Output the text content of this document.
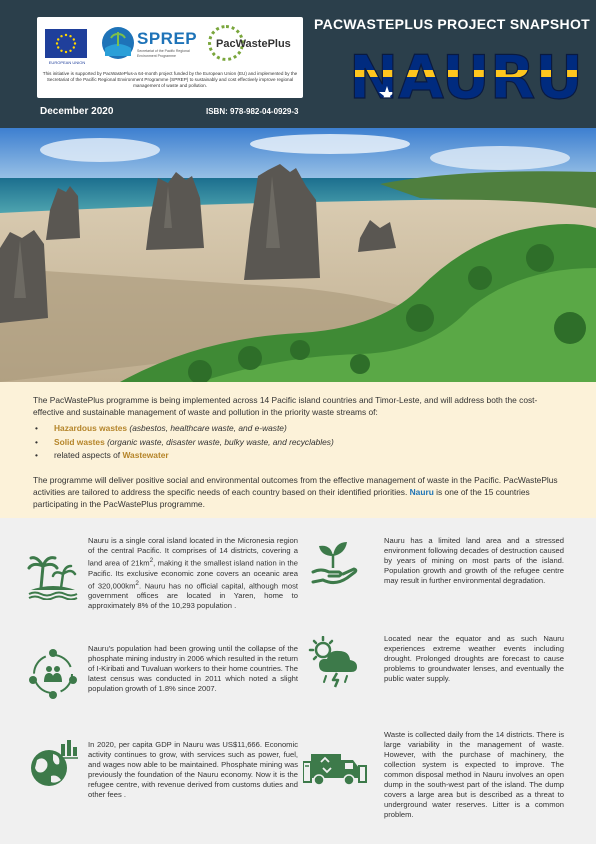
EUROPEAN UNION
SPREP
Secretariat of the Pacific Regional Environment Programme
PacWastePlus
This initiative is supported by PacWastePlus-a 64-month project funded by the European Union (EU) and implemented by the Secretariat of the Pacific Regional Environment Programme (SPREP) to sustainably and cost effectively improve regional management of waste and pollution.
PACWASTEPLUS PROJECT SNAPSHOT
NAURU
December 2020	ISBN: 978-982-04-0929-3

The PacWastePlus programme is being implemented across 14 Pacific island countries and Timor-Leste, and will address both the cost-effective and sustainable management of waste and pollution in the priority waste streams of:

• Hazardous wastes (asbestos, healthcare waste, and e-waste)
• Solid wastes (organic waste, disaster waste, bulky waste, and recyclables)
• related aspects of Wastewater

The programme will deliver positive social and environmental outcomes from the effective management of waste in the Pacific. PacWastePlus activities are tailored to address the specific needs of each country based on their identified priorities. Nauru is one of the 15 countries participating in the PacWastePlus programme.

Nauru is a single coral island located in the Micronesia region of the central Pacific. It comprises of 14 districts, covering a land area of $21km^2$, making it the smallest island nation in the Pacific. Its exclusive economic zone covers an oceanic area of $320,000km^2$. Nauru has no official capital, although most government offices are located in Yaren, home to approximately 8% of the 10,293 population .

Nauru's population had been growing until the collapse of the phosphate mining industry in 2006 which resulted in the return of I-Kiribati and Tuvaluan workers to their home countries. The latest census was conducted in 2011 which noted a slight population growth of 1.8% since 2007.

In 2020, per capita GDP in Nauru was US$11,666. Economic activity continues to grow, with services such as power, fuel, and wages now able to be maintained. Phosphate mining was previously the foundation of the Nauru economy. Now it is the refugee centre, with revenue derived from customs duties and other fees .

Nauru has a limited land area and a stressed environment following decades of destruction caused by years of mining on most parts of the island. Population growth and growth of the refugee centre may result in further environmental degradation.

Located near the equator and as such Nauru experiences extreme weather events including drought. Prolonged droughts are forecast to cause problems to groundwater lenses, and eventually the public water supply.

Waste is collected daily from the 14 districts. There is large variability in the management of waste. However, with the purchase of machinery, the collection system is expected to improve. The common disposal method in Nauru involves an open dump in the south-west part of the island. The dump covers a large area but is described as a threat to underground water reserves. Litter is a common problem.
